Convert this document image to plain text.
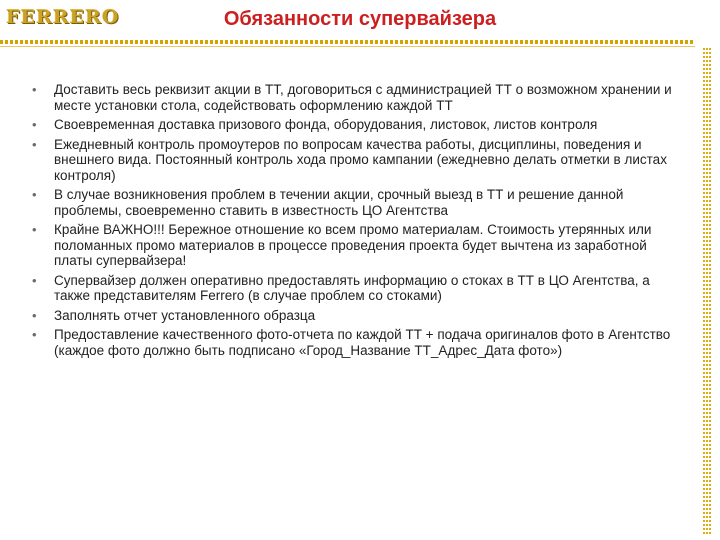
FERRERO	Обязанности супервайзера
• Доставить весь реквизит акции в ТТ, договориться с администрацией ТТ о возможном хранении и месте установки стола, содействовать оформлению каждой ТТ
• Своевременная доставка призового фонда, оборудования, листовок, листов контроля
• Ежедневный контроль промоутеров по вопросам качества работы, дисциплины, поведения и внешнего вида. Постоянный контроль хода промо кампании (ежедневно делать отметки в листах контроля)
• В случае возникновения проблем в течении акции, срочный выезд в ТТ и решение данной проблемы, своевременно ставить в известность ЦО Агентства
• Крайне ВАЖНО!!! Бережное отношение ко всем промо материалам. Стоимость утерянных или поломанных промо материалов в процессе проведения проекта будет вычтена из заработной платы супервайзера!
• Супервайзер должен оперативно предоставлять информацию о стоках в ТТ в ЦО Агентства, а также представителям Ferrero (в случае проблем со стоками)
• Заполнять отчет установленного образца
• Предоставление качественного фото-отчета по каждой ТТ + подача оригиналов фото в Агентство (каждое фото должно быть подписано «Город_Название ТТ_Адрес_Дата фото»)
